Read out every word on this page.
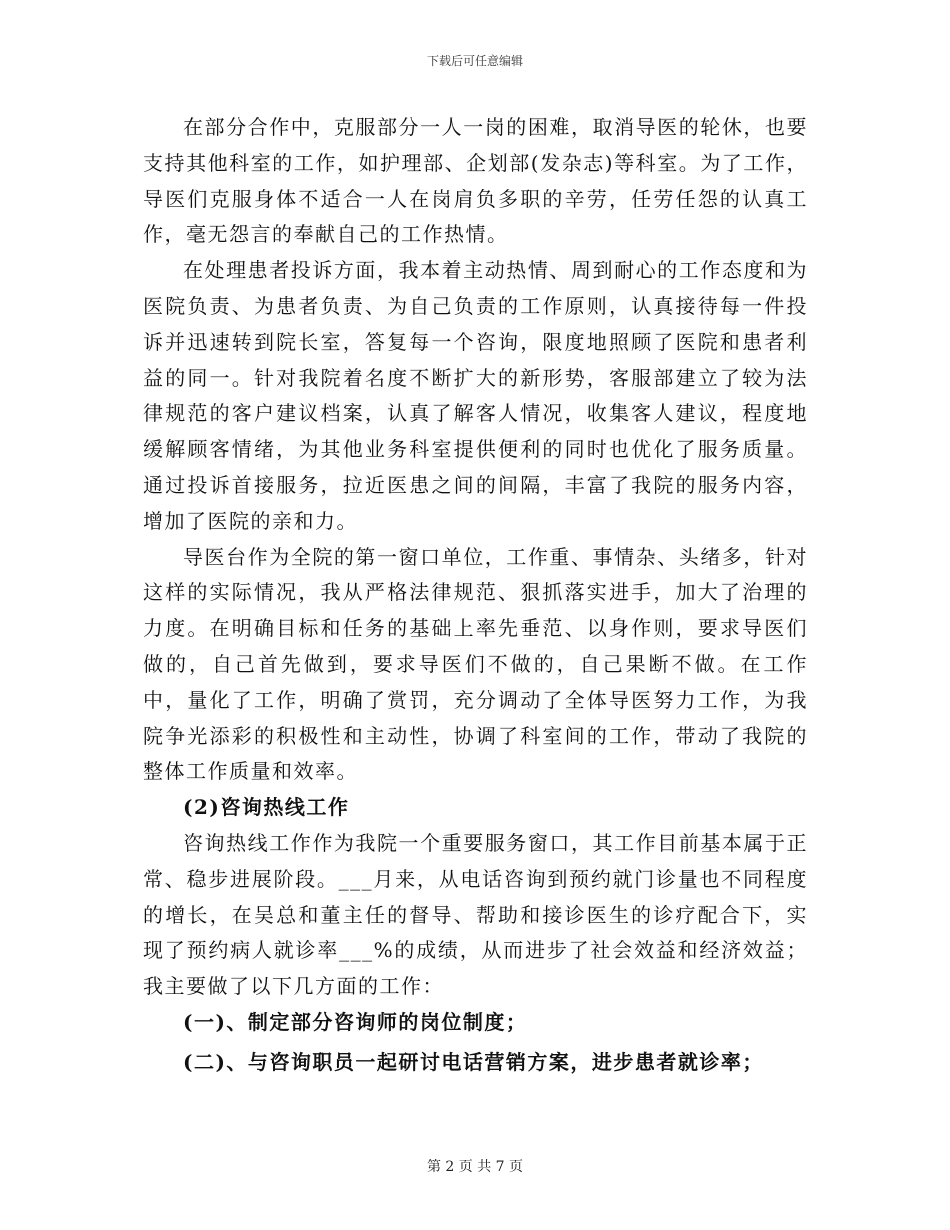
下载后可任意编辑

在部分合作中，克服部分一人一岗的困难，取消导医的轮休，也要支持其他科室的工作，如护理部、企划部(发杂志)等科室。为了工作，导医们克服身体不适合一人在岗肩负多职的辛劳，任劳任怨的认真工作，毫无怨言的奉献自己的工作热情。

在处理患者投诉方面，我本着主动热情、周到耐心的工作态度和为医院负责、为患者负责、为自己负责的工作原则，认真接待每一件投诉并迅速转到院长室，答复每一个咨询，限度地照顾了医院和患者利益的同一。针对我院着名度不断扩大的新形势，客服部建立了较为法律规范的客户建议档案，认真了解客人情况，收集客人建议，程度地缓解顾客情绪，为其他业务科室提供便利的同时也优化了服务质量。通过投诉首接服务，拉近医患之间的间隔，丰富了我院的服务内容，增加了医院的亲和力。

导医台作为全院的第一窗口单位，工作重、事情杂、头绪多，针对这样的实际情况，我从严格法律规范、狠抓落实进手，加大了治理的力度。在明确目标和任务的基础上率先垂范、以身作则，要求导医们做的，自己首先做到，要求导医们不做的，自己果断不做。在工作中，量化了工作，明确了赏罚，充分调动了全体导医努力工作，为我院争光添彩的积极性和主动性，协调了科室间的工作，带动了我院的整体工作质量和效率。

(2)咨询热线工作

咨询热线工作作为我院一个重要服务窗口，其工作目前基本属于正常、稳步进展阶段。___月来，从电话咨询到预约就门诊量也不同程度的增长，在吴总和董主任的督导、帮助和接诊医生的诊疗配合下，实现了预约病人就诊率___%的成绩，从而进步了社会效益和经济效益；我主要做了以下几方面的工作：

(一)、制定部分咨询师的岗位制度；

(二)、与咨询职员一起研讨电话营销方案，进步患者就诊率；

第 2 页 共 7 页
